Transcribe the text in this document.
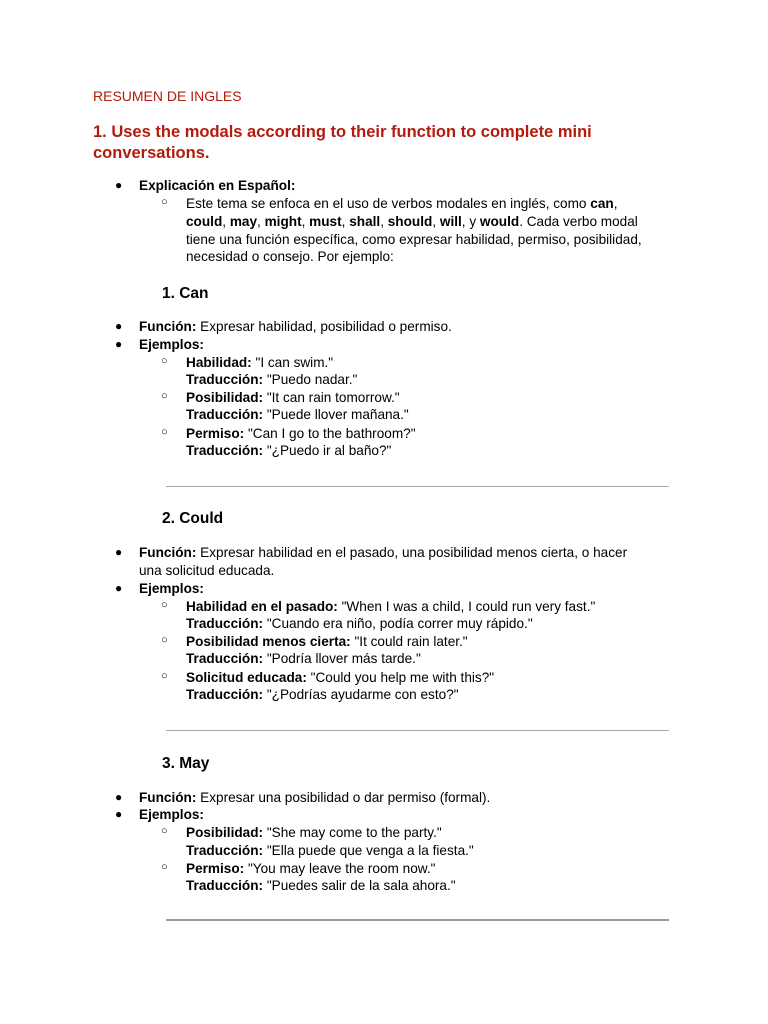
RESUMEN DE INGLES
1. Uses the modals according to their function to complete mini conversations.
● Explicación en Español:
○ Este tema se enfoca en el uso de verbos modales en inglés, como can,
could, may, might, must, shall, should, will, y would. Cada verbo modal
tiene una función específica, como expresar habilidad, permiso, posibilidad,
necesidad o consejo. Por ejemplo:
1. Can
● Función: Expresar habilidad, posibilidad o permiso.
● Ejemplos:
○ Habilidad: "I can swim."
Traducción: "Puedo nadar."
○ Posibilidad: "It can rain tomorrow."
Traducción: "Puede llover mañana."
○ Permiso: "Can I go to the bathroom?"
Traducción: "¿Puedo ir al baño?"
2. Could
● Función: Expresar habilidad en el pasado, una posibilidad menos cierta, o hacer
una solicitud educada.
● Ejemplos:
○ Habilidad en el pasado: "When I was a child, I could run very fast."
Traducción: "Cuando era niño, podía correr muy rápido."
○ Posibilidad menos cierta: "It could rain later."
Traducción: "Podría llover más tarde."
○ Solicitud educada: "Could you help me with this?"
Traducción: "¿Podrías ayudarme con esto?"
3. May
● Función: Expresar una posibilidad o dar permiso (formal).
● Ejemplos:
○ Posibilidad: "She may come to the party."
Traducción: "Ella puede que venga a la fiesta."
○ Permiso: "You may leave the room now."
Traducción: "Puedes salir de la sala ahora."
